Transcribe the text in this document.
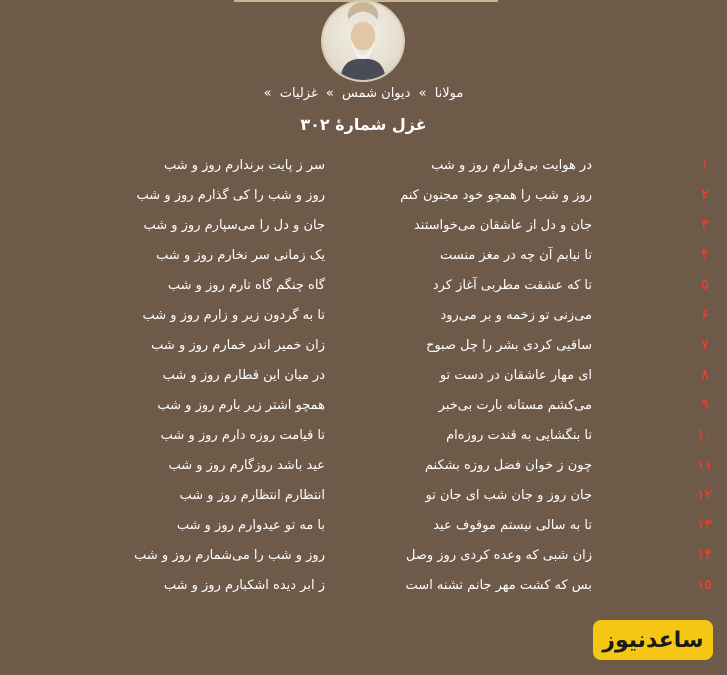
مولانا » دیوان شمس » غزلیات »
غزل شمارهٔ ۳۰۲
۱
در هوایت بی‌قرارم روز و شب
سر ز پایت برندارم روز و شب
۲
روز و شب را همچو خود مجنون کنم
روز و شب را کی گذارم روز و شب
۳
جان و دل از عاشقان می‌خواستند
جان و دل را می‌سپارم روز و شب
۴
تا نیابم آن چه در مغز منست
یک زمانی سر نخارم روز و شب
۵
تا که عشقت مطربی آغاز کرد
گاه چنگم گاه تارم روز و شب
۶
می‌زنی تو زخمه و بر می‌رود
تا به گردون زیر و زارم روز و شب
۷
ساقیی کردی بشر را چل صبوح
زان خمیر اندر خمارم روز و شب
۸
ای مهار عاشقان در دست تو
در میان این قطارم روز و شب
۹
می‌کشم مستانه بارت بی‌خبر
همچو اشتر زیر بارم روز و شب
۱۰
تا بنگشایی به قندت روزه‌ام
تا قیامت روزه دارم روز و شب
۱۱
چون ز خوان فضل روزه بشکنم
عید باشد روزگارم روز و شب
۱۲
جان روز و جان شب ای جان تو
انتظارم انتظارم روز و شب
۱۳
تا به سالی نیستم موقوف عید
با مه تو عیدوارم روز و شب
۱۴
زان شبی که وعده کردی روز وصل
روز و شب را می‌شمارم روز و شب
۱۵
بس که کشت مهر جانم تشنه است
ز ابر دیده اشکبارم روز و شب
ساعدنیوز
